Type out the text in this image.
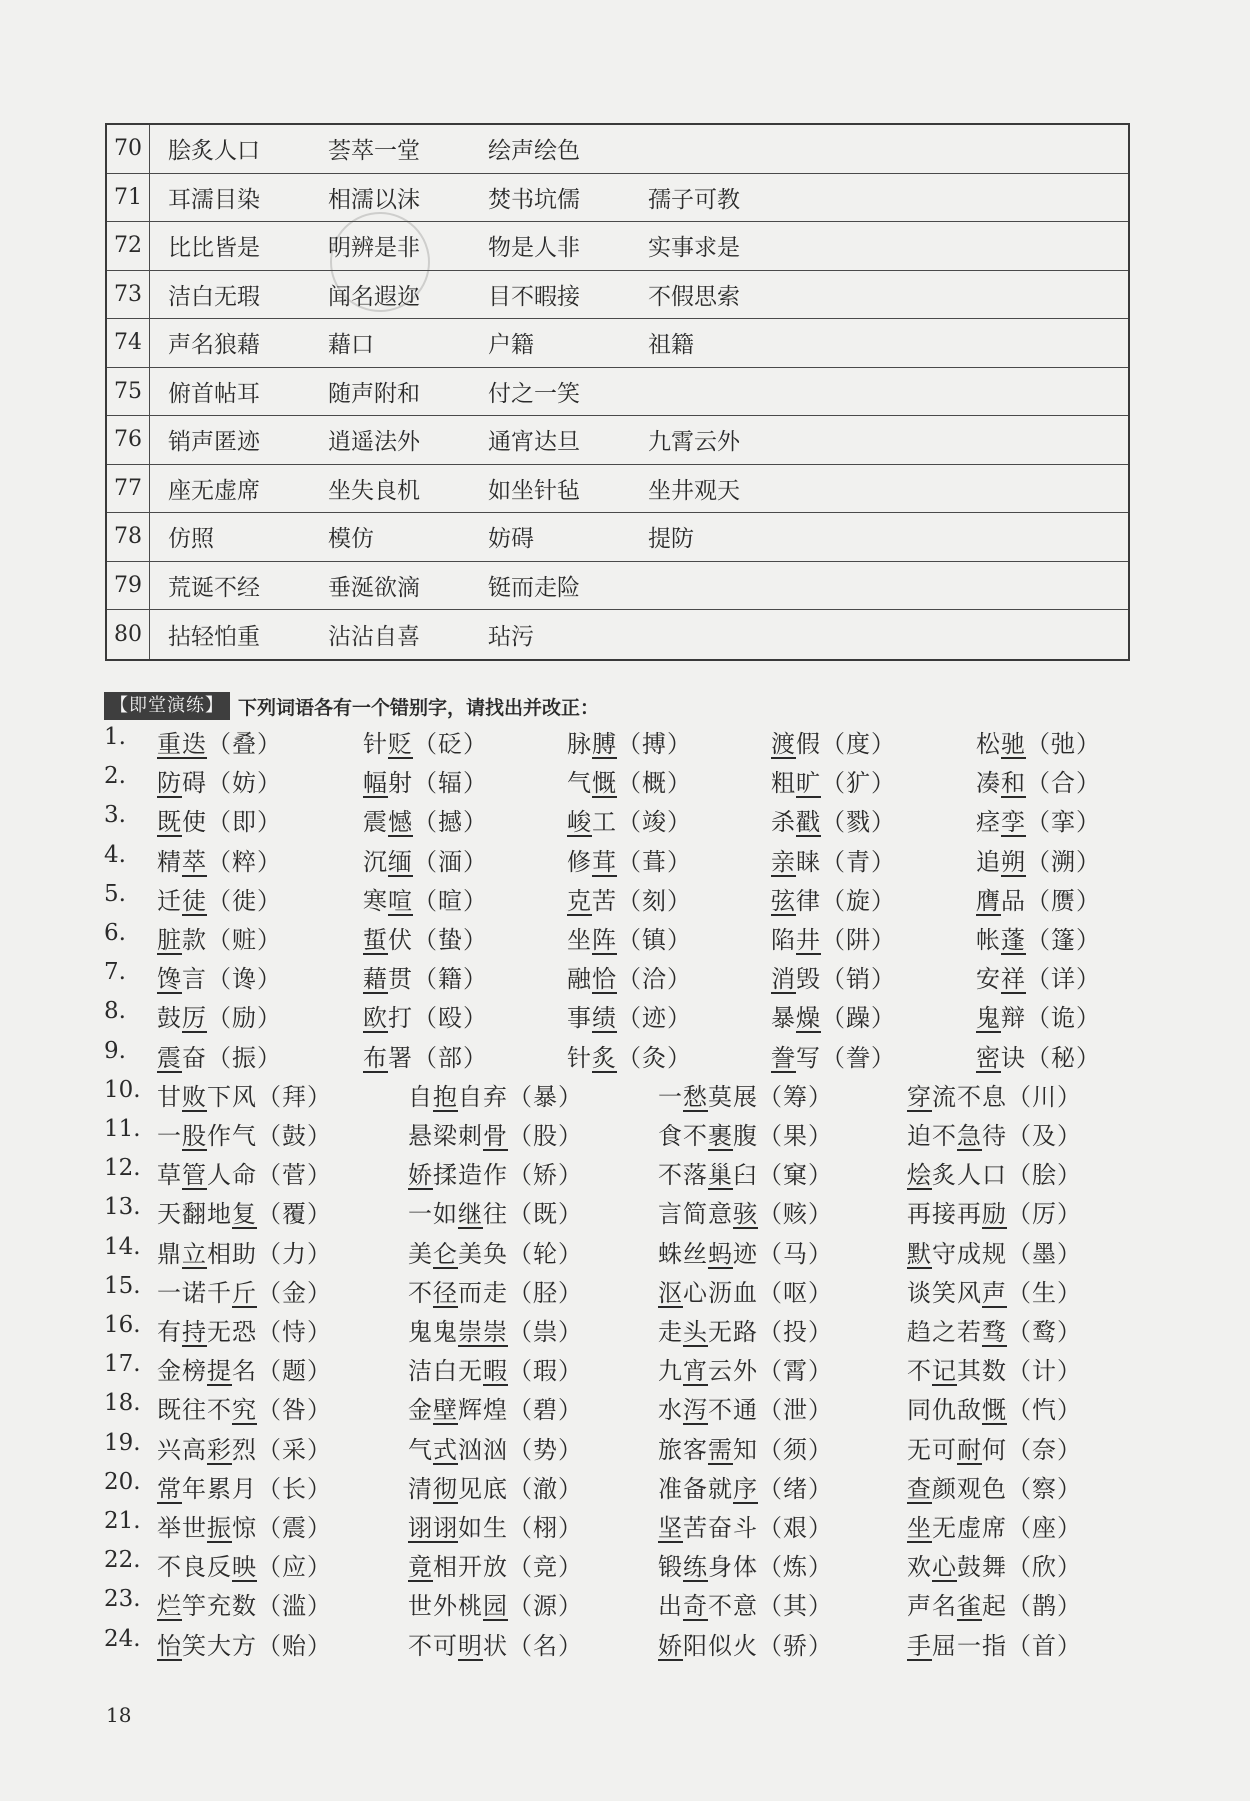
70	脍炙人口	荟萃一堂	绘声绘色
71	耳濡目染	相濡以沫	焚书坑儒	孺子可教
72	比比皆是	明辨是非	物是人非	实事求是
73	洁白无瑕	闻名遐迩	目不暇接	不假思索
74	声名狼藉	藉口	户籍	祖籍
75	俯首帖耳	随声附和	付之一笑
76	销声匿迹	逍遥法外	通宵达旦	九霄云外
77	座无虚席	坐失良机	如坐针毡	坐井观天
78	仿照	模仿	妨碍	提防
79	荒诞不经	垂涎欲滴	铤而走险
80	拈轻怕重	沾沾自喜	玷污
【即堂演练】 下列词语各有一个错别字，请找出并改正：
1. 重迭（叠）	针贬（砭）	脉膊（搏）	渡假（度）	松驰（弛）
2. 防碍（妨）	幅射（辐）	气慨（概）	粗旷（犷）	凑和（合）
3. 既使（即）	震憾（撼）	峻工（竣）	杀戳（戮）	痉孪（挛）
4. 精萃（粹）	沉缅（湎）	修茸（葺）	亲睐（青）	追朔（溯）
5. 迁徒（徙）	寒喧（暄）	克苦（刻）	弦律（旋）	膺品（赝）
6. 脏款（赃）	蜇伏（蛰）	坐阵（镇）	陷井（阱）	帐蓬（篷）
7. 馋言（谗）	藉贯（籍）	融恰（洽）	消毁（销）	安祥（详）
8. 鼓厉（励）	欧打（殴）	事绩（迹）	暴燥（躁）	鬼辩（诡）
9. 震奋（振）	布署（部）	针炙（灸）	誊写（誊）	密诀（秘）
10. 甘败下风（拜）	自抱自弃（暴）	一愁莫展（筹）	穿流不息（川）
11. 一股作气（鼓）	悬梁刺骨（股）	食不裹腹（果）	迫不急待（及）
12. 草管人命（菅）	娇揉造作（矫）	不落巢臼（窠）	烩炙人口（脍）
13. 天翻地复（覆）	一如继往（既）	言简意骇（赅）	再接再励（厉）
14. 鼎立相助（力）	美仑美奂（轮）	蛛丝蚂迹（马）	默守成规（墨）
15. 一诺千斤（金）	不径而走（胫）	沤心沥血（呕）	谈笑风声（生）
16. 有持无恐（恃）	鬼鬼崇崇（祟）	走头无路（投）	趋之若骛（鹜）
17. 金榜提名（题）	洁白无暇（瑕）	九宵云外（霄）	不记其数（计）
18. 既往不究（咎）	金壁辉煌（碧）	水泻不通（泄）	同仇敌慨（忾）
19. 兴高彩烈（采）	气式汹汹（势）	旅客需知（须）	无可耐何（奈）
20. 常年累月（长）	清彻见底（澈）	准备就序（绪）	查颜观色（察）
21. 举世振惊（震）	诩诩如生（栩）	坚苦奋斗（艰）	坐无虚席（座）
22. 不良反映（应）	竟相开放（竞）	锻练身体（炼）	欢心鼓舞（欣）
23. 烂竽充数（滥）	世外桃园（源）	出奇不意（其）	声名雀起（鹊）
24. 怡笑大方（贻）	不可明状（名）	娇阳似火（骄）	手屈一指（首）
18
